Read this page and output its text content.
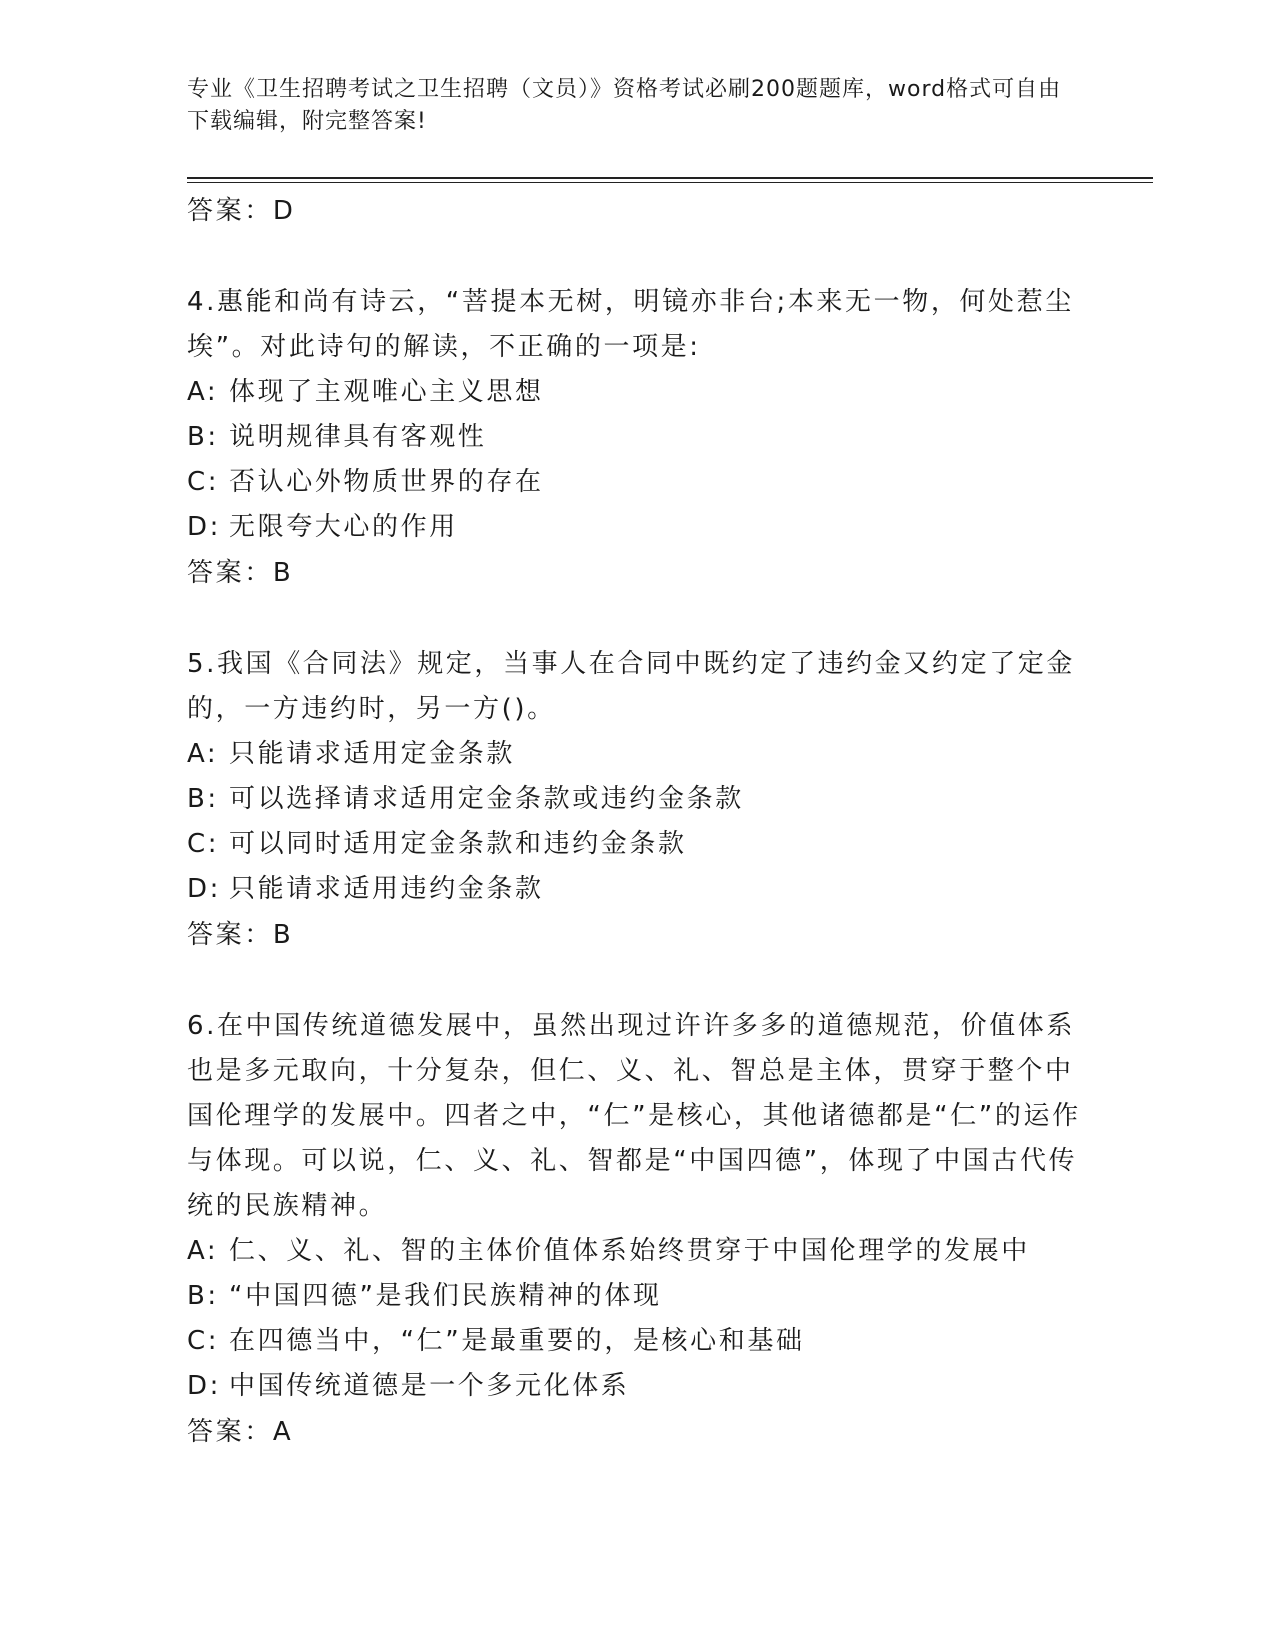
专业《卫生招聘考试之卫生招聘（文员）》资格考试必刷200题题库，word格式可自由下载编辑，附完整答案!
答案：D
4.惠能和尚有诗云，“菩提本无树，明镜亦非台;本来无一物，何处惹尘埃”。对此诗句的解读，不正确的一项是:
A: 体现了主观唯心主义思想
B: 说明规律具有客观性
C: 否认心外物质世界的存在
D: 无限夸大心的作用
答案：B
5.我国《合同法》规定，当事人在合同中既约定了违约金又约定了定金的，一方违约时，另一方()。
A: 只能请求适用定金条款
B: 可以选择请求适用定金条款或违约金条款
C: 可以同时适用定金条款和违约金条款
D: 只能请求适用违约金条款
答案：B
6.在中国传统道德发展中，虽然出现过许许多多的道德规范，价值体系也是多元取向，十分复杂，但仁、义、礼、智总是主体，贯穿于整个中国伦理学的发展中。四者之中，“仁”是核心，其他诸德都是“仁”的运作与体现。可以说，仁、义、礼、智都是“中国四德”，体现了中国古代传统的民族精神。
A: 仁、义、礼、智的主体价值体系始终贯穿于中国伦理学的发展中
B: “中国四德”是我们民族精神的体现
C: 在四德当中，“仁”是最重要的，是核心和基础
D: 中国传统道德是一个多元化体系
答案：A
